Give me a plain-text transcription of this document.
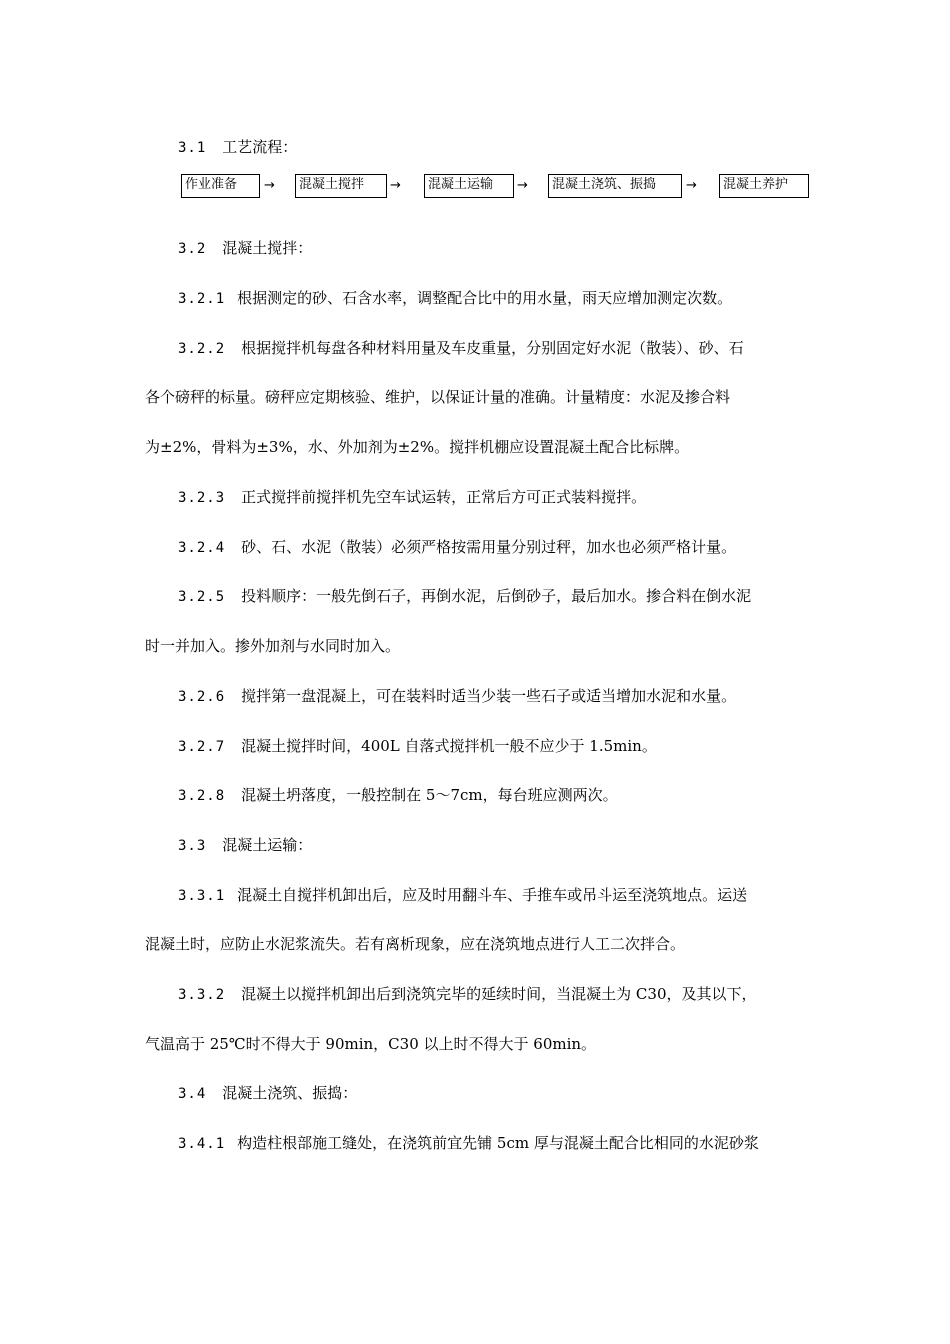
3.1 工艺流程：
作业准备	→	混凝土搅拌	→	混凝土运输	→	混凝土浇筑、振捣	→	混凝土养护
3.2 混凝土搅拌：
3.2.1 根据测定的砂、石含水率，调整配合比中的用水量，雨天应增加测定次数。
3.2.2 根据搅拌机每盘各种材料用量及车皮重量，分别固定好水泥（散装）、砂、石
各个磅秤的标量。磅秤应定期核验、维护，以保证计量的准确。计量精度：水泥及掺合料
为±2%，骨料为±3%，水、外加剂为±2%。搅拌机棚应设置混凝土配合比标牌。
3.2.3 正式搅拌前搅拌机先空车试运转，正常后方可正式装料搅拌。
3.2.4 砂、石、水泥（散装）必须严格按需用量分别过秤，加水也必须严格计量。
3.2.5 投料顺序：一般先倒石子，再倒水泥，后倒砂子，最后加水。掺合料在倒水泥
时一并加入。掺外加剂与水同时加入。
3.2.6 搅拌第一盘混凝上，可在装料时适当少装一些石子或适当增加水泥和水量。
3.2.7 混凝土搅拌时间，400L 自落式搅拌机一般不应少于 1.5min。
3.2.8 混凝土坍落度，一般控制在 5～7cm，每台班应测两次。
3.3 混凝土运输：
3.3.1 混凝土自搅拌机卸出后，应及时用翻斗车、手推车或吊斗运至浇筑地点。运送
混凝土时，应防止水泥浆流失。若有离析现象，应在浇筑地点进行人工二次拌合。
3.3.2 混凝土以搅拌机卸出后到浇筑完毕的延续时间，当混凝土为 C30，及其以下，
气温高于 25℃时不得大于 90min，C30 以上时不得大于 60min。
3.4 混凝土浇筑、振捣：
3.4.1 构造柱根部施工缝处，在浇筑前宜先铺 5cm 厚与混凝土配合比相同的水泥砂浆
